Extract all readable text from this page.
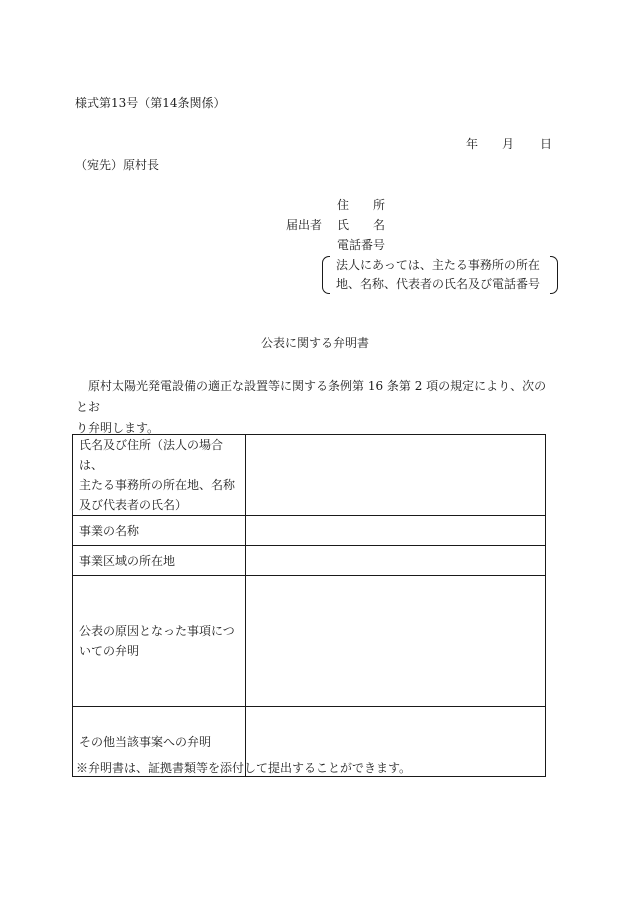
様式第13号（第14条関係）
年 月 日
（宛先）原村長
届出者
住 所
氏 名
電話番号
法人にあっては、主たる事務所の所在
地、名称、代表者の氏名及び電話番号
公表に関する弁明書
原村太陽光発電設備の適正な設置等に関する条例第 16 条第 2 項の規定により、次のとお
り弁明します。
氏名及び住所（法人の場合は、
主たる事務所の所在地、名称
及び代表者の氏名）	

事業の名称	

事業区域の所在地	

公表の原因となった事項につ
いての弁明	

その他当該事案への弁明	

※弁明書は、証拠書類等を添付して提出することができます。
